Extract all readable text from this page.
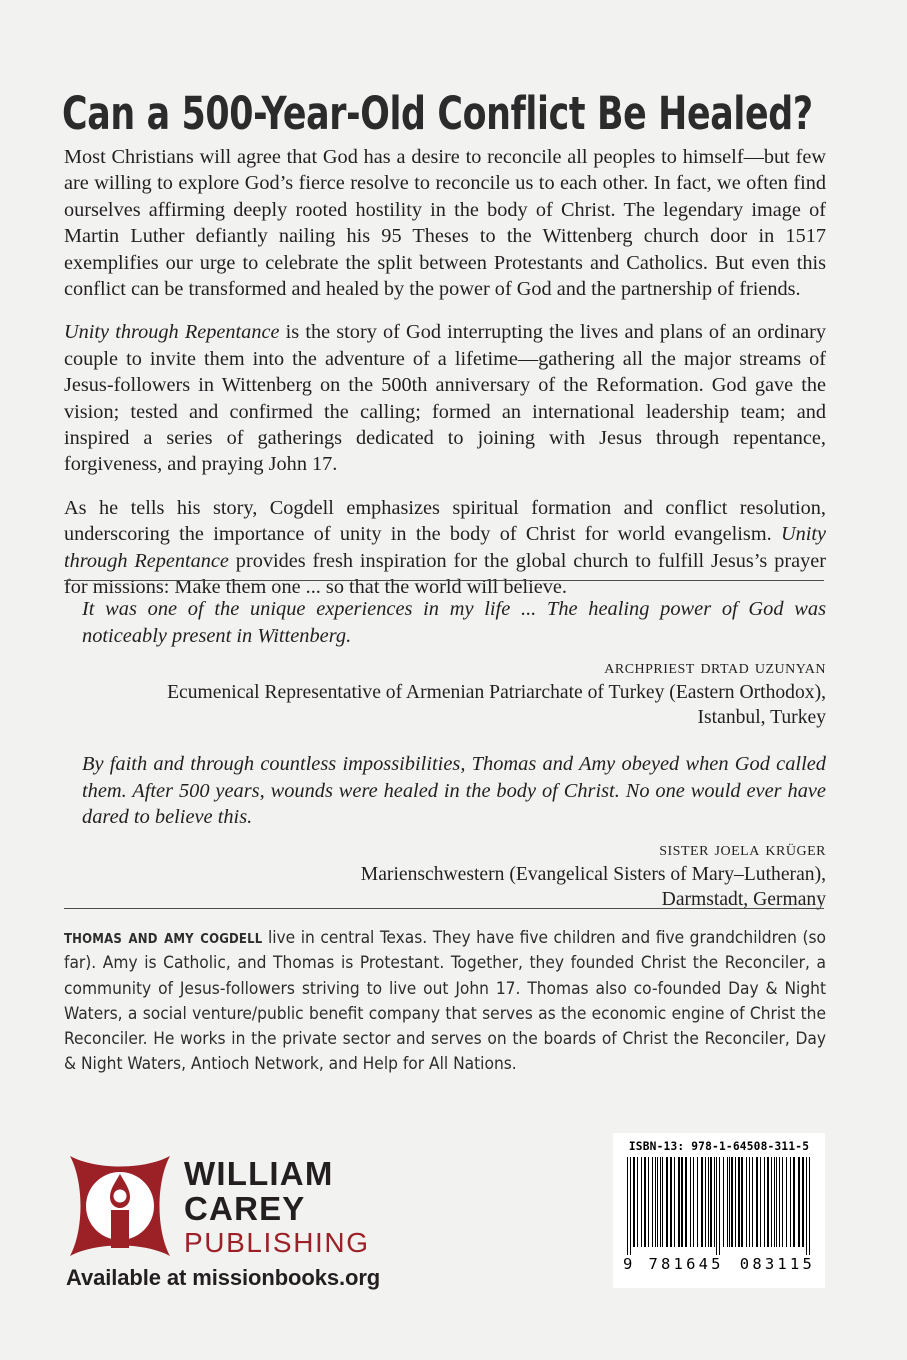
Can a 500-Year-Old Conflict Be Healed?

Most Christians will agree that God has a desire to reconcile all peoples to himself—but few are willing to explore God’s fierce resolve to reconcile us to each other. In fact, we often find ourselves affirming deeply rooted hostility in the body of Christ. The legendary image of Martin Luther defiantly nailing his 95 Theses to the Wittenberg church door in 1517 exemplifies our urge to celebrate the split between Protestants and Catholics. But even this conflict can be transformed and healed by the power of God and the partnership of friends.

Unity through Repentance is the story of God interrupting the lives and plans of an ordinary couple to invite them into the adventure of a lifetime—gathering all the major streams of Jesus-followers in Wittenberg on the 500th anniversary of the Reformation. God gave the vision; tested and confirmed the calling; formed an international leadership team; and inspired a series of gatherings dedicated to joining with Jesus through repentance, forgiveness, and praying John 17.

As he tells his story, Cogdell emphasizes spiritual formation and conflict resolution, underscoring the importance of unity in the body of Christ for world evangelism. Unity through Repentance provides fresh inspiration for the global church to fulfill Jesus’s prayer for missions: Make them one ... so that the world will believe.

It was one of the unique experiences in my life ... The healing power of God was noticeably present in Wittenberg.

archpriest drtad uzunyan

Ecumenical Representative of Armenian Patriarchate of Turkey (Eastern Orthodox),

Istanbul, Turkey

By faith and through countless impossibilities, Thomas and Amy obeyed when God called them. After 500 years, wounds were healed in the body of Christ. No one would ever have dared to believe this.

sister joela krüger

Marienschwestern (Evangelical Sisters of Mary–Lutheran),

Darmstadt, Germany

thomas and amy cogdell live in central Texas. They have five children and five grandchildren (so far). Amy is Catholic, and Thomas is Protestant. Together, they founded Christ the Reconciler, a community of Jesus-followers striving to live out John 17. Thomas also co-founded Day & Night Waters, a social venture/public benefit company that serves as the economic engine of Christ the Reconciler. He works in the private sector and serves on the boards of Christ the Reconciler, Day & Night Waters, Antioch Network, and Help for All Nations.
WILLIAM
CAREY
PUBLISHING
Available at missionbooks.org
ISBN-13: 978-1-64508-311-5
9 781645 083115
